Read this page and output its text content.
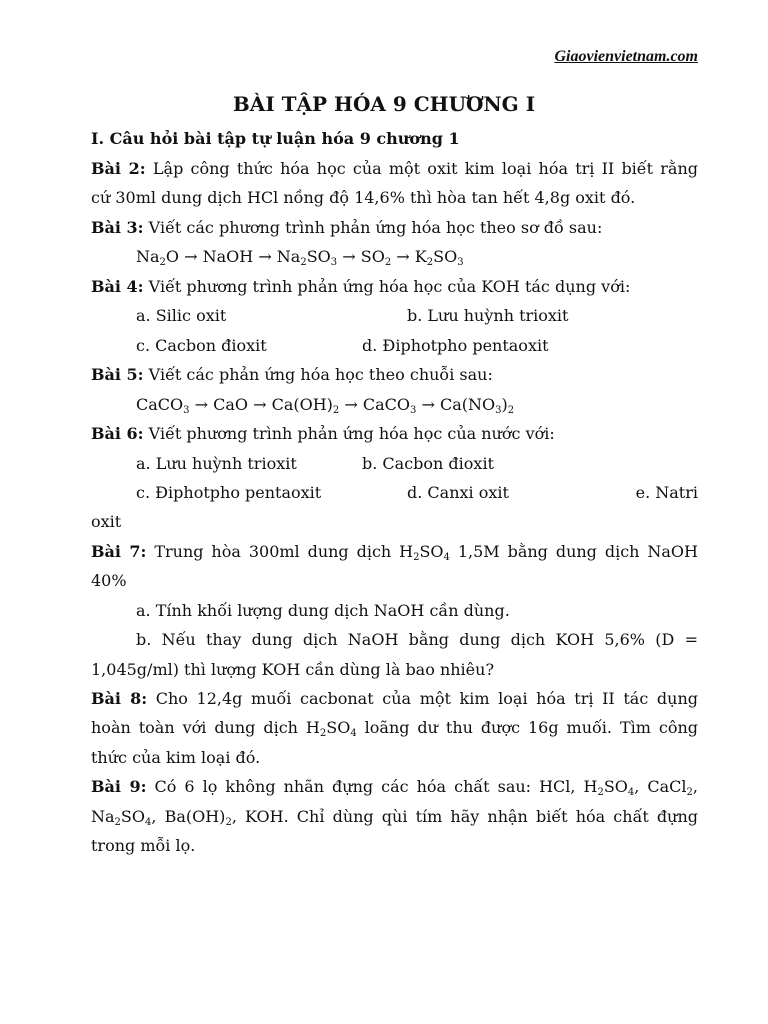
Giaovienvietnam.com
BÀI TẬP HÓA 9 CHƯƠNG I
I. Câu hỏi bài tập tự luận hóa 9 chương 1
Bài 2: Lập công thức hóa học của một oxit kim loại hóa trị II biết rằng
cứ 30ml dung dịch HCl nồng độ 14,6% thì hòa tan hết 4,8g oxit đó.
Bài 3: Viết các phương trình phản ứng hóa học theo sơ đồ sau:
$Na_2O$ → NaOH → $Na_2SO_3 \to SO_2 \to K_2SO_3$
Bài 4: Viết phương trình phản ứng hóa học của KOH tác dụng với:
a. Silic oxit	b. Lưu huỳnh trioxit
c. Cacbon đioxit	d. Điphotpho pentaoxit
Bài 5: Viết các phản ứng hóa học theo chuỗi sau:
CaCO$_3$ → CaO → $Ca(OH)_2$ → CaCO$_3$ → $Ca(NO_3)_2$
Bài 6: Viết phương trình phản ứng hóa học của nước với:
a. Lưu huỳnh trioxit	b. Cacbon đioxit
c. Điphotpho pentaoxit	d. Canxi oxit	e. Natri
oxit
Bài 7: Trung hòa 300ml dung dịch $H_2SO_4$ 1,5M bằng dung dịch NaOH
40%
a. Tính khối lượng dung dịch NaOH cần dùng.
b. Nếu thay dung dịch NaOH bằng dung dịch KOH 5,6% (D =
1,045g/ml) thì lượng KOH cần dùng là bao nhiêu?
Bài 8: Cho 12,4g muối cacbonat của một kim loại hóa trị II tác dụng
hoàn toàn với dung dịch $H_2SO_4$ loãng dư thu được 16g muối. Tìm công
thức của kim loại đó.
Bài 9: Có 6 lọ không nhãn đựng các hóa chất sau: HCl, $H_2SO_4$, CaCl$_2$,
$Na_2SO_4$, $Ba(OH)_2$, KOH. Chỉ dùng qùi tím hãy nhận biết hóa chất đựng
trong mỗi lọ.
